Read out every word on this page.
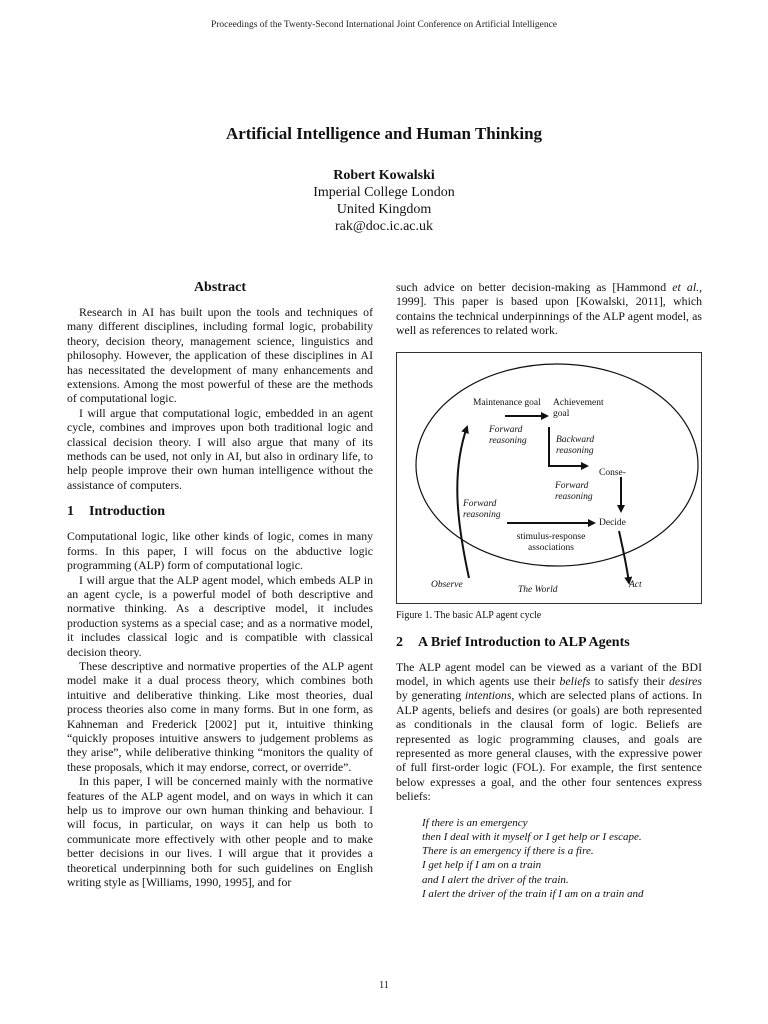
Proceedings of the Twenty-Second International Joint Conference on Artificial Intelligence
Artificial Intelligence and Human Thinking
Robert Kowalski
Imperial College London
United Kingdom
rak@doc.ic.ac.uk
Abstract

Research in AI has built upon the tools and techniques of many different disciplines, including formal logic, probability theory, decision theory, management science, linguistics and philosophy. However, the application of these disciplines in AI has necessitated the development of many enhancements and extensions. Among the most powerful of these are the methods of computational logic.

I will argue that computational logic, embedded in an agent cycle, combines and improves upon both traditional logic and classical decision theory. I will also argue that many of its methods can be used, not only in AI, but also in ordinary life, to help people improve their own human intelligence without the assistance of computers.

1 Introduction

Computational logic, like other kinds of logic, comes in many forms. In this paper, I will focus on the abductive logic programming (ALP) form of computational logic.

I will argue that the ALP agent model, which embeds ALP in an agent cycle, is a powerful model of both descriptive and normative thinking. As a descriptive model, it includes production systems as a special case; and as a normative model, it includes classical logic and is compatible with classical decision theory.

These descriptive and normative properties of the ALP agent model make it a dual process theory, which combines both intuitive and deliberative thinking. Like most theories, dual process theories also come in many forms. But in one form, as Kahneman and Frederick [2002] put it, intuitive thinking “quickly proposes intuitive answers to judgement problems as they arise”, while deliberative thinking “monitors the quality of these proposals, which it may endorse, correct, or override”.

In this paper, I will be concerned mainly with the normative features of the ALP agent model, and on ways in which it can help us to improve our own human thinking and behaviour. I will focus, in particular, on ways it can help us both to communicate more effectively with other people and to make better decisions in our lives. I will argue that it provides a theoretical underpinning both for such guidelines on English writing style as [Williams, 1990, 1995], and for

such advice on better decision-making as [Hammond et al., 1999]. This paper is based upon [Kowalski, 2011], which contains the technical underpinnings of the ALP agent model, as well as references to related work.

Maintenance goal Achievement goal
Forward reasoning	Backward reasoning
Conse-
Forward reasoning
Forward reasoning
Decide
stimulus-response associations
Observe	The World	Act
Figure 1. The basic ALP agent cycle
2 A Brief Introduction to ALP Agents

The ALP agent model can be viewed as a variant of the BDI model, in which agents use their beliefs to satisfy their desires by generating intentions, which are selected plans of actions. In ALP agents, beliefs and desires (or goals) are both represented as conditionals in the clausal form of logic. Beliefs are represented as logic programming clauses, and goals are represented as more general clauses, with the expressive power of full first-order logic (FOL). For example, the first sentence below expresses a goal, and the other four sentences express beliefs:

If there is an emergency
then I deal with it myself or I get help or I escape.
There is an emergency if there is a fire.
I get help if I am on a train
and I alert the driver of the train.
I alert the driver of the train if I am on a train and
11
